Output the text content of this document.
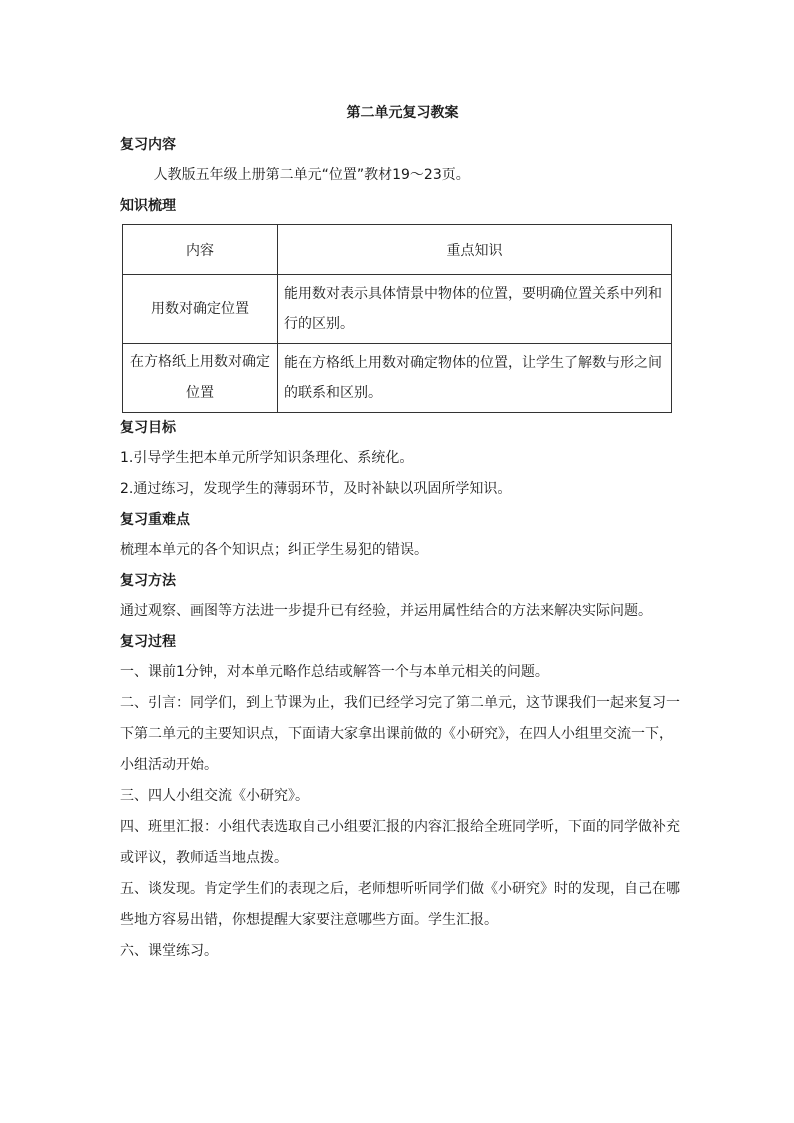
第二单元复习教案
复习内容
人教版五年级上册第二单元“位置”教材19～23页。
知识梳理
内容	重点知识
用数对确定位置	能用数对表示具体情景中物体的位置，要明确位置关系中列和行的区别。
在方格纸上用数对确定位置	能在方格纸上用数对确定物体的位置，让学生了解数与形之间的联系和区别。
复习目标
1.引导学生把本单元所学知识条理化、系统化。
2.通过练习，发现学生的薄弱环节，及时补缺以巩固所学知识。
复习重难点
梳理本单元的各个知识点；纠正学生易犯的错误。
复习方法
通过观察、画图等方法进一步提升已有经验，并运用属性结合的方法来解决实际问题。
复习过程
一、课前1分钟，对本单元略作总结或解答一个与本单元相关的问题。
二、引言：同学们，到上节课为止，我们已经学习完了第二单元，这节课我们一起来复习一下第二单元的主要知识点，下面请大家拿出课前做的《小研究》，在四人小组里交流一下，小组活动开始。
三、四人小组交流《小研究》。
四、班里汇报：小组代表选取自己小组要汇报的内容汇报给全班同学听，下面的同学做补充或评议，教师适当地点拨。
五、谈发现。肯定学生们的表现之后，老师想听听同学们做《小研究》时的发现，自己在哪些地方容易出错，你想提醒大家要注意哪些方面。学生汇报。
六、课堂练习。
